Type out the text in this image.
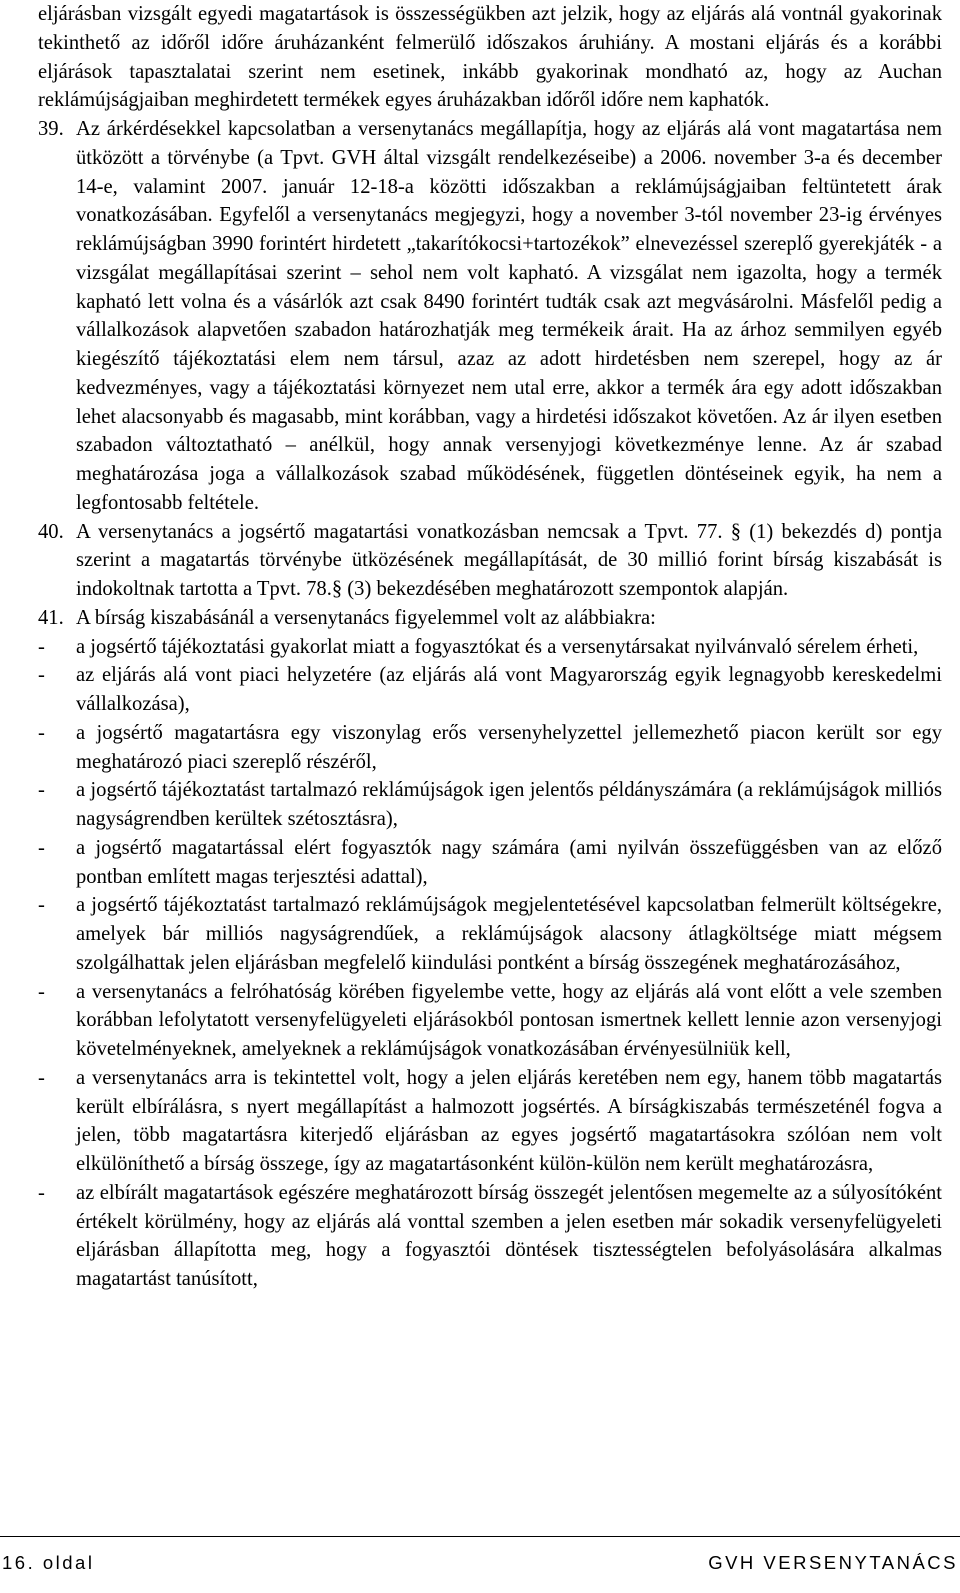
eljárásban vizsgált egyedi magatartások is összességükben azt jelzik, hogy az eljárás alá vontnál gyakorinak tekinthető az időről időre áruházanként felmerülő időszakos áruhiány. A mostani eljárás és a korábbi eljárások tapasztalatai szerint nem esetinek, inkább gyakorinak mondható az, hogy az Auchan reklámújságjaiban meghirdetett termékek egyes áruházakban időről időre nem kaphatók.

39. Az árkérdésekkel kapcsolatban a versenytanács megállapítja, hogy az eljárás alá vont magatartása nem ütközött a törvénybe (a Tpvt. GVH által vizsgált rendelkezéseibe) a 2006. november 3-a és december 14-e, valamint 2007. január 12-18-a közötti időszakban a reklámújságjaiban feltüntetett árak vonatkozásában. Egyfelől a versenytanács megjegyzi, hogy a november 3-tól november 23-ig érvényes reklámújságban 3990 forintért hirdetett „takarítókocsi+tartozékok” elnevezéssel szereplő gyerekjáték - a vizsgálat megállapításai szerint – sehol nem volt kapható. A vizsgálat nem igazolta, hogy a termék kapható lett volna és a vásárlók azt csak 8490 forintért tudták csak azt megvásárolni. Másfelől pedig a vállalkozások alapvetően szabadon határozhatják meg termékeik árait. Ha az árhoz semmilyen egyéb kiegészítő tájékoztatási elem nem társul, azaz az adott hirdetésben nem szerepel, hogy az ár kedvezményes, vagy a tájékoztatási környezet nem utal erre, akkor a termék ára egy adott időszakban lehet alacsonyabb és magasabb, mint korábban, vagy a hirdetési időszakot követően. Az ár ilyen esetben szabadon változtatható – anélkül, hogy annak versenyjogi következménye lenne. Az ár szabad meghatározása joga a vállalkozások szabad működésének, független döntéseinek egyik, ha nem a legfontosabb feltétele.
40. A versenytanács a jogsértő magatartási vonatkozásban nemcsak a Tpvt. 77. § (1) bekezdés d) pontja szerint a magatartás törvénybe ütközésének megállapítását, de 30 millió forint bírság kiszabását is indokoltnak tartotta a Tpvt. 78.§ (3) bekezdésében meghatározott szempontok alapján.
41. A bírság kiszabásánál a versenytanács figyelemmel volt az alábbiakra:
-	a jogsértő tájékoztatási gyakorlat miatt a fogyasztókat és a versenytársakat nyilvánvaló sérelem érheti,
-	az eljárás alá vont piaci helyzetére (az eljárás alá vont Magyarország egyik legnagyobb kereskedelmi vállalkozása),
-	a jogsértő magatartásra egy viszonylag erős versenyhelyzettel jellemezhető piacon került sor egy meghatározó piaci szereplő részéről,
-	a jogsértő tájékoztatást tartalmazó reklámújságok igen jelentős példányszámára (a reklámújságok milliós nagyságrendben kerültek szétosztásra),
-	a jogsértő magatartással elért fogyasztók nagy számára (ami nyilván összefüggésben van az előző pontban említett magas terjesztési adattal),
-	a jogsértő tájékoztatást tartalmazó reklámújságok megjelentetésével kapcsolatban felmerült költségekre, amelyek bár milliós nagyságrendűek, a reklámújságok alacsony átlagköltsége miatt mégsem szolgálhattak jelen eljárásban megfelelő kiindulási pontként a bírság összegének meghatározásához,
-	a versenytanács a felróhatóság körében figyelembe vette, hogy az eljárás alá vont előtt a vele szemben korábban lefolytatott versenyfelügyeleti eljárásokból pontosan ismertnek kellett lennie azon versenyjogi követelményeknek, amelyeknek a reklámújságok vonatkozásában érvényesülniük kell,
-	a versenytanács arra is tekintettel volt, hogy a jelen eljárás keretében nem egy, hanem több magatartás került elbírálásra, s nyert megállapítást a halmozott jogsértés. A bírságkiszabás természeténél fogva a jelen, több magatartásra kiterjedő eljárásban az egyes jogsértő magatartásokra szólóan nem volt elkülöníthető a bírság összege, így az magatartásonként külön-külön nem került meghatározásra,
-	az elbírált magatartások egészére meghatározott bírság összegét jelentősen megemelte az a súlyosítóként értékelt körülmény, hogy az eljárás alá vonttal szemben a jelen esetben már sokadik versenyfelügyeleti eljárásban állapította meg, hogy a fogyasztói döntések tisztességtelen befolyásolására alkalmas magatartást tanúsított,
16. oldal	GVH VERSENYTANÁCS
